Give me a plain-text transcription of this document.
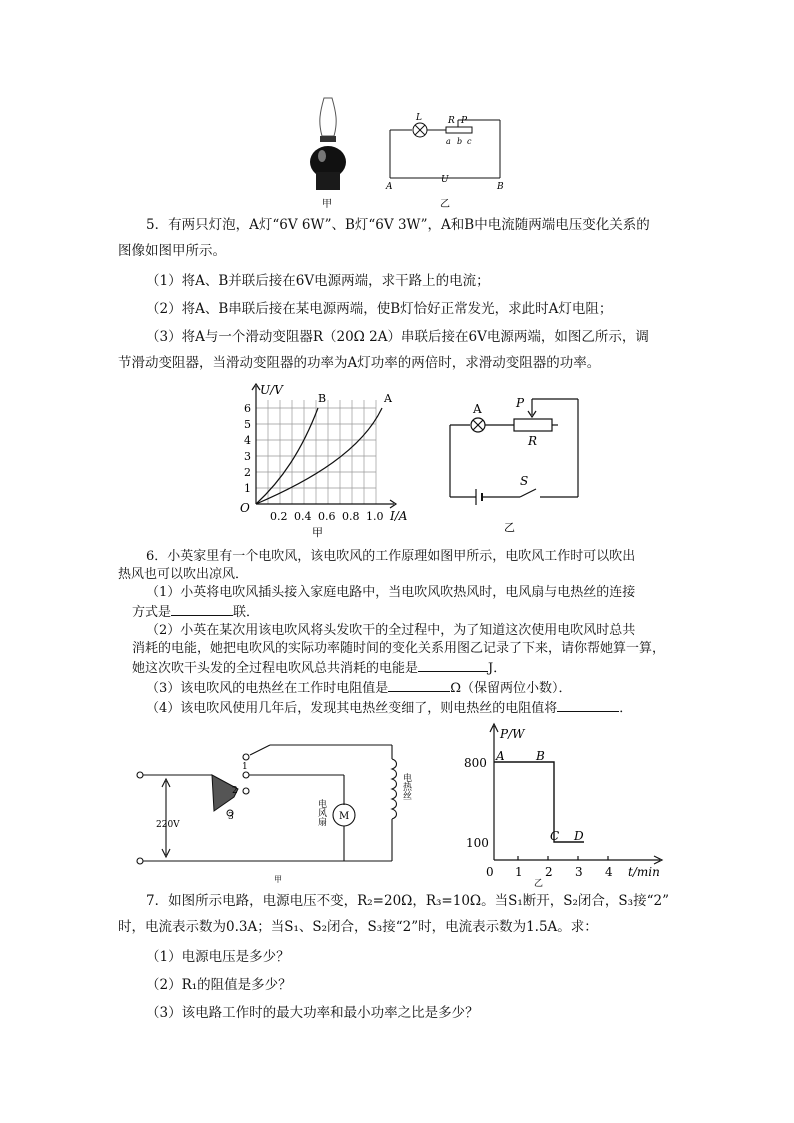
甲
L	R P
a b c
A
U
B
乙
5．有两只灯泡，A灯“6V 6W”、B灯“6V 3W”，A和B中电流随两端电压变化关系的
图像如图甲所示。
（1）将A、B并联后接在6V电源两端，求干路上的电流；
（2）将A、B串联后接在某电源两端，使B灯恰好正常发光，求此时A灯电阻；
（3）将A与一个滑动变阻器R（20Ω 2A）串联后接在6V电源两端，如图乙所示，调
节滑动变阻器，当滑动变阻器的功率为A灯功率的两倍时，求滑动变阻器的功率。
U/V
6
5
4
3
2
1
O
0.2 0.4 0.6 0.8 1.0 I/A
B	A
甲
A	P
R
S
乙
6．小英家里有一个电吹风，该电吹风的工作原理如图甲所示，电吹风工作时可以吹出
热风也可以吹出凉风．
（1）小英将电吹风插头接入家庭电路中，当电吹风吹热风时，电风扇与电热丝的连接
方式是	联．
（2）小英在某次用该电吹风将头发吹干的全过程中，为了知道这次使用电吹风时总共
消耗的电能，她把电吹风的实际功率随时间的变化关系用图乙记录了下来，请你帮她算一算，
她这次吹干头发的全过程电吹风总共消耗的电能是	J．
（3）该电吹风的电热丝在工作时电阻值是	Ω（保留两位小数）．
（4）该电吹风使用几年后，发现其电热丝变细了，则电热丝的电阻值将	．
220V
1
2
3	M
电风扇
电热丝
甲
P/W
800
100
0 1 2 3 4 t/min
A	B
C D
乙
7．如图所示电路，电源电压不变，R₂=20Ω，R₃=10Ω。当S₁断开，S₂闭合，S₃接“2”
时，电流表示数为0.3A；当S₁、S₂闭合，S₃接“2”时，电流表示数为1.5A。求：
（1）电源电压是多少？
（2）R₁的阻值是多少？
（3）该电路工作时的最大功率和最小功率之比是多少？
